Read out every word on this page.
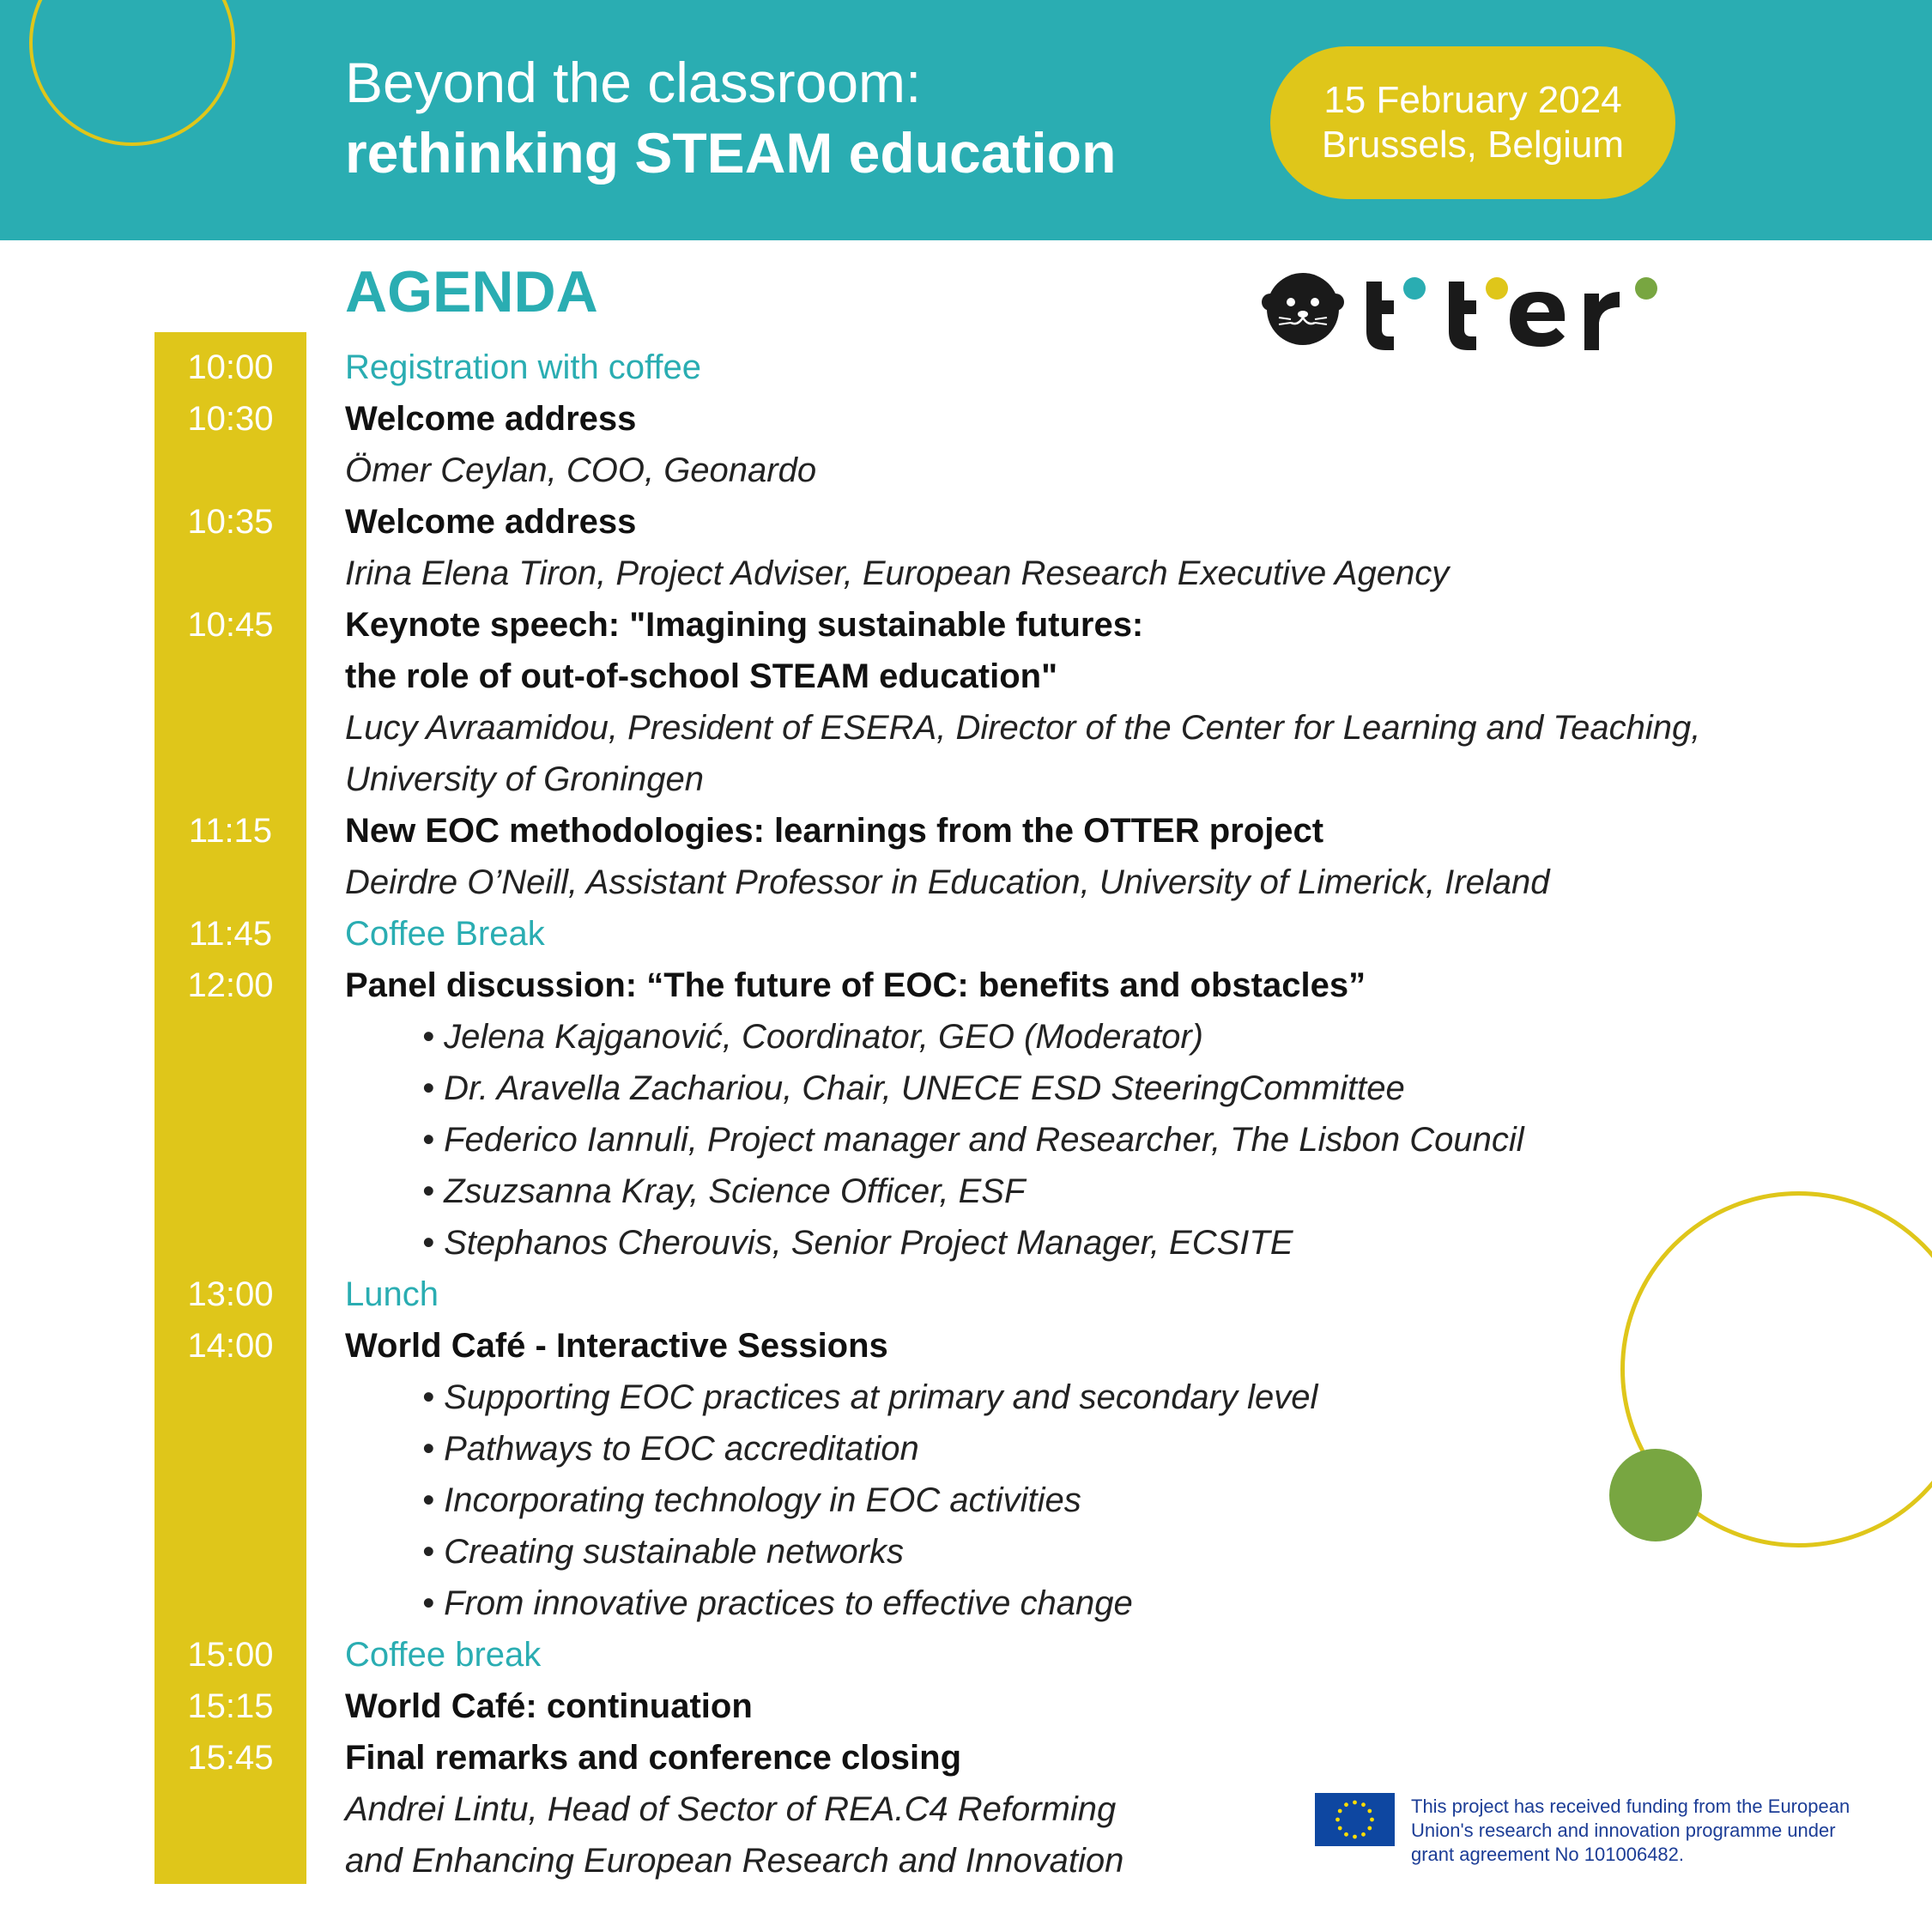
Beyond the classroom:
rethinking STEAM education
15 February 2024
Brussels, Belgium
AGENDA
10:00	Registration with coffee
10:30	Welcome address
Ömer Ceylan, COO, Geonardo
10:35	Welcome address
Irina Elena Tiron, Project Adviser, European Research Executive Agency
10:45	Keynote speech: "Imagining sustainable futures:
the role of out-of-school STEAM education"
Lucy Avraamidou, President of ESERA, Director of the Center for Learning and Teaching,
University of Groningen
11:15	New EOC methodologies: learnings from the OTTER project
Deirdre O’Neill, Assistant Professor in Education, University of Limerick, Ireland
11:45	Coffee Break
12:00	Panel discussion: “The future of EOC: benefits and obstacles”
• Jelena Kajganović, Coordinator, GEO (Moderator)
• Dr. Aravella Zachariou, Chair, UNECE ESD SteeringCommittee
• Federico Iannuli, Project manager and Researcher, The Lisbon Council
• Zsuzsanna Kray, Science Officer, ESF
• Stephanos Cherouvis, Senior Project Manager, ECSITE
13:00	Lunch
14:00	World Café - Interactive Sessions
• Supporting EOC practices at primary and secondary level
• Pathways to EOC accreditation
• Incorporating technology in EOC activities
• Creating sustainable networks
• From innovative practices to effective change
15:00	Coffee break
15:15	World Café: continuation
15:45	Final remarks and conference closing
Andrei Lintu, Head of Sector of REA.C4 Reforming
and Enhancing European Research and Innovation
This project has received funding from the European
Union's research and innovation programme under
grant agreement No 101006482.
